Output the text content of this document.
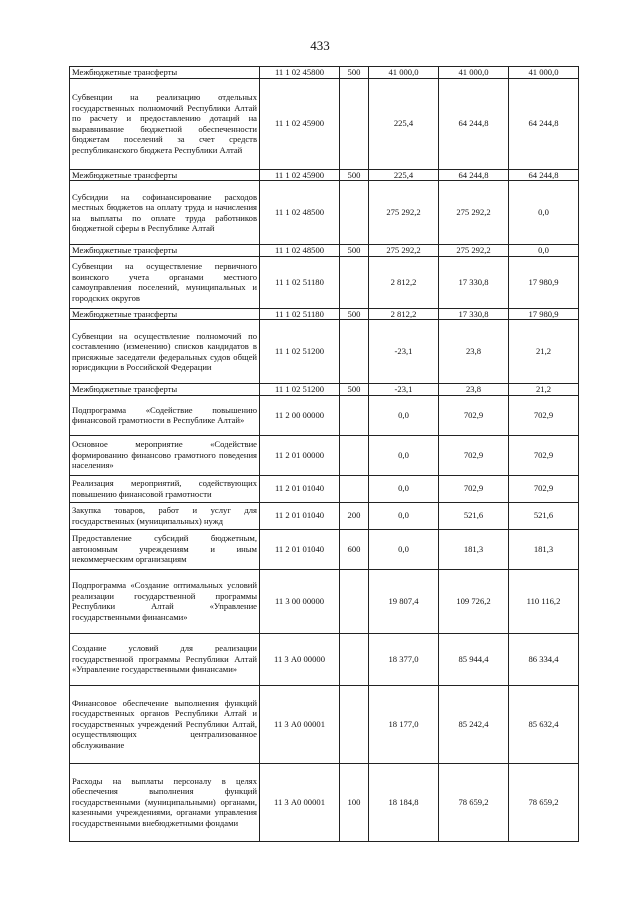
433
Межбюджетные трансферты	11 1 02 45800	500	41 000,0	41 000,0	41 000,0
Субвенции на реализацию отдельных государственных полномочий Республики Алтай по расчету и предоставлению дотаций на выравнивание бюджетной обеспеченности бюджетам поселений за счет средств республиканского бюджета Республики Алтай	11 1 02 45900		225,4	64 244,8	64 244,8
Межбюджетные трансферты	11 1 02 45900	500	225,4	64 244,8	64 244,8
Субсидии на софинансирование расходов местных бюджетов на оплату труда и начисления на выплаты по оплате труда работников бюджетной сферы в Республике Алтай	11 1 02 48500		275 292,2	275 292,2	0,0
Межбюджетные трансферты	11 1 02 48500	500	275 292,2	275 292,2	0,0
Субвенции на осуществление первичного воинского учета органами местного самоуправления поселений, муниципальных и городских округов	11 1 02 51180		2 812,2	17 330,8	17 980,9
Межбюджетные трансферты	11 1 02 51180	500	2 812,2	17 330,8	17 980,9
Субвенции на осуществление полномочий по составлению (изменению) списков кандидатов в присяжные заседатели федеральных судов общей юрисдикции в Российской Федерации	11 1 02 51200		-23,1	23,8	21,2
Межбюджетные трансферты	11 1 02 51200	500	-23,1	23,8	21,2
Подпрограмма «Содействие повышению финансовой грамотности в Республике Алтай»	11 2 00 00000		0,0	702,9	702,9
Основное мероприятие «Содействие формированию финансово грамотного поведения населения»	11 2 01 00000		0,0	702,9	702,9
Реализация мероприятий, содействующих повышению финансовой грамотности	11 2 01 01040		0,0	702,9	702,9
Закупка товаров, работ и услуг для государственных (муниципальных) нужд	11 2 01 01040	200	0,0	521,6	521,6
Предоставление субсидий бюджетным, автономным учреждениям и иным некоммерческим организациям	11 2 01 01040	600	0,0	181,3	181,3
Подпрограмма «Создание оптимальных условий реализации государственной программы Республики Алтай «Управление государственными финансами»	11 3 00 00000		19 807,4	109 726,2	110 116,2
Создание условий для реализации государственной программы Республики Алтай «Управление государственными финансами»	11 3 А0 00000		18 377,0	85 944,4	86 334,4
Финансовое обеспечение выполнения функций государственных органов Республики Алтай и государственных учреждений Республики Алтай, осуществляющих централизованное обслуживание	11 3 А0 00001		18 177,0	85 242,4	85 632,4
Расходы на выплаты персоналу в целях обеспечения выполнения функций государственными (муниципальными) органами, казенными учреждениями, органами управления государственными внебюджетными фондами	11 3 А0 00001	100	18 184,8	78 659,2	78 659,2
